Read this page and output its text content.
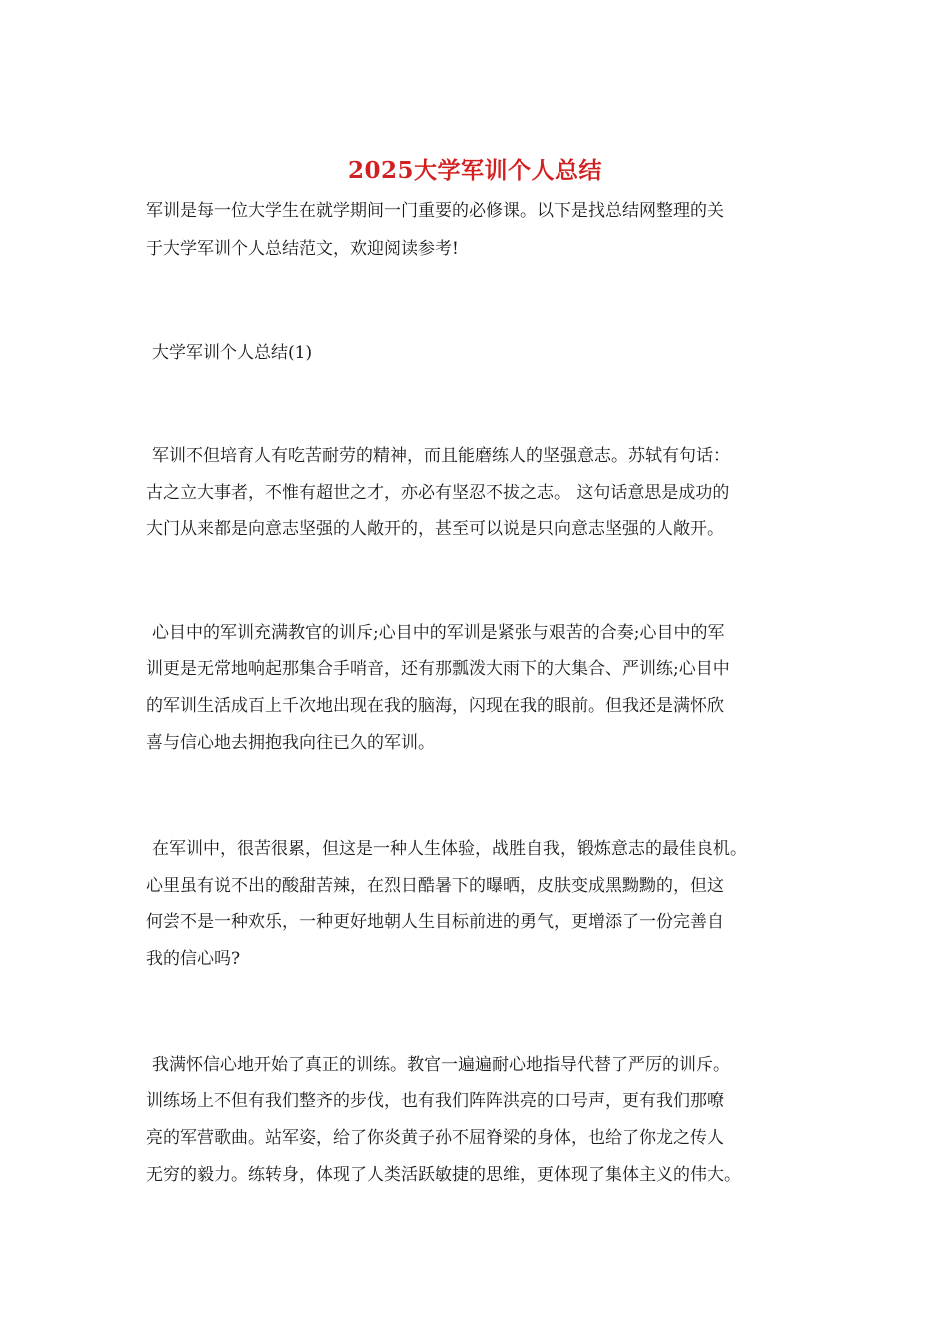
2025大学军训个人总结
军训是每一位大学生在就学期间一门重要的必修课。以下是找总结网整理的关
于大学军训个人总结范文，欢迎阅读参考!
大学军训个人总结(1)
军训不但培育人有吃苦耐劳的精神，而且能磨练人的坚强意志。苏轼有句话：
古之立大事者，不惟有超世之才，亦必有坚忍不拔之志。 这句话意思是成功的
大门从来都是向意志坚强的人敞开的，甚至可以说是只向意志坚强的人敞开。
心目中的军训充满教官的训斥;心目中的军训是紧张与艰苦的合奏;心目中的军
训更是无常地响起那集合手哨音，还有那瓢泼大雨下的大集合、严训练;心目中
的军训生活成百上千次地出现在我的脑海，闪现在我的眼前。但我还是满怀欣
喜与信心地去拥抱我向往已久的军训。
在军训中，很苦很累，但这是一种人生体验，战胜自我，锻炼意志的最佳良机。
心里虽有说不出的酸甜苦辣，在烈日酷暑下的曝晒，皮肤变成黑黝黝的，但这
何尝不是一种欢乐，一种更好地朝人生目标前进的勇气，更增添了一份完善自
我的信心吗?
我满怀信心地开始了真正的训练。教官一遍遍耐心地指导代替了严厉的训斥。
训练场上不但有我们整齐的步伐，也有我们阵阵洪亮的口号声，更有我们那嘹
亮的军营歌曲。站军姿，给了你炎黄子孙不屈脊梁的身体，也给了你龙之传人
无穷的毅力。练转身，体现了人类活跃敏捷的思维，更体现了集体主义的伟大。
